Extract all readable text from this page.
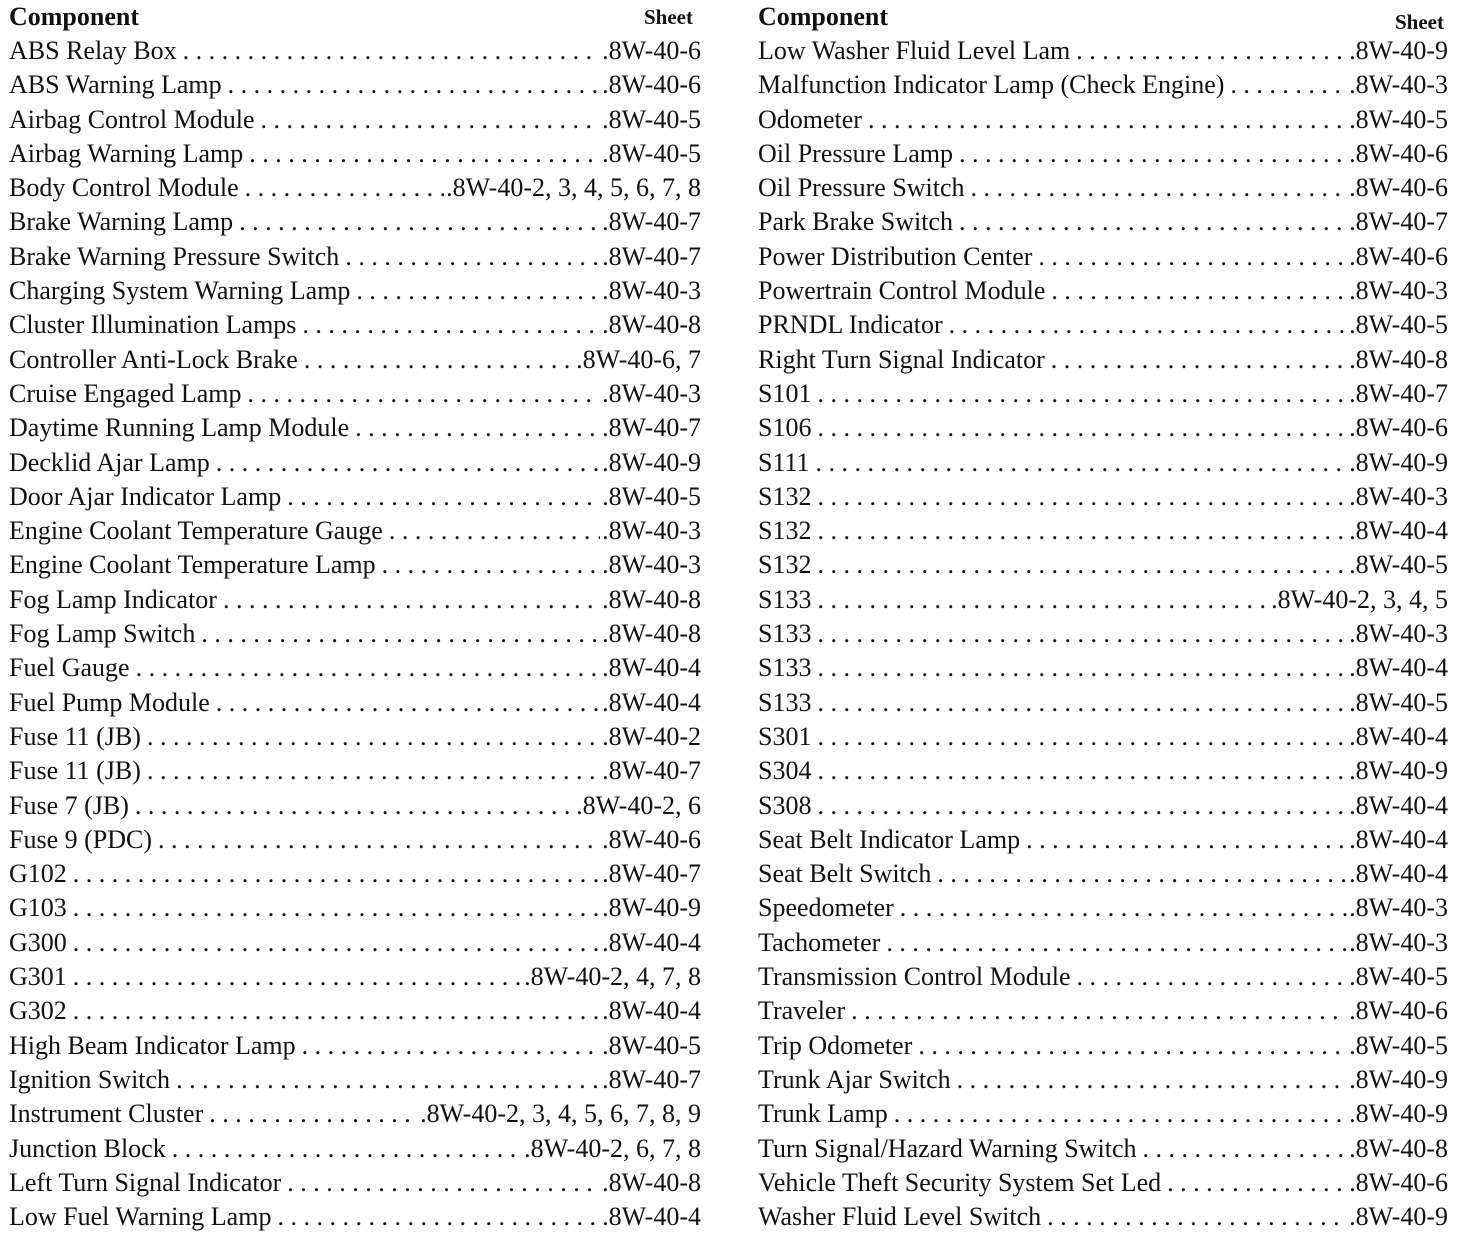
Component	Sheet
ABS Relay Box . . .	.8W-40-6
ABS Warning Lamp . . .	.8W-40-6
Airbag Control Module . . .	.8W-40-5
Airbag Warning Lamp . . .	.8W-40-5
Body Control Module . . .	.8W-40-2, 3, 4, 5, 6, 7, 8
Brake Warning Lamp . . .	.8W-40-7
Brake Warning Pressure Switch . . .	.8W-40-7
Charging System Warning Lamp . . .	.8W-40-3
Cluster Illumination Lamps . . .	.8W-40-8
Controller Anti-Lock Brake . . .	.8W-40-6, 7
Cruise Engaged Lamp . . .	.8W-40-3
Daytime Running Lamp Module . . .	.8W-40-7
Decklid Ajar Lamp . . .	.8W-40-9
Door Ajar Indicator Lamp . . .	.8W-40-5
Engine Coolant Temperature Gauge . . .	.8W-40-3
Engine Coolant Temperature Lamp . . .	.8W-40-3
Fog Lamp Indicator . . .	.8W-40-8
Fog Lamp Switch . . .	.8W-40-8
Fuel Gauge . . .	.8W-40-4
Fuel Pump Module . . .	.8W-40-4
Fuse 11 (JB) . . .	.8W-40-2
Fuse 11 (JB) . . .	.8W-40-7
Fuse 7 (JB) . . .	.8W-40-2, 6
Fuse 9 (PDC) . . .	.8W-40-6
G102 . . .	.8W-40-7
G103 . . .	.8W-40-9
G300 . . .	.8W-40-4
G301 . . .	.8W-40-2, 4, 7, 8
G302 . . .	.8W-40-4
High Beam Indicator Lamp . . .	.8W-40-5
Ignition Switch . . .	.8W-40-7
Instrument Cluster . . .	.8W-40-2, 3, 4, 5, 6, 7, 8, 9
Junction Block . . .	.8W-40-2, 6, 7, 8
Left Turn Signal Indicator . . .	.8W-40-8
Low Fuel Warning Lamp . . .	.8W-40-4
Component	Sheet
Low Washer Fluid Level Lam . . .	.8W-40-9
Malfunction Indicator Lamp (Check Engine) . . .	.8W-40-3
Odometer . . .	.8W-40-5
Oil Pressure Lamp . . .	.8W-40-6
Oil Pressure Switch . . .	.8W-40-6
Park Brake Switch . . .	.8W-40-7
Power Distribution Center . . .	.8W-40-6
Powertrain Control Module . . .	.8W-40-3
PRNDL Indicator . . .	.8W-40-5
Right Turn Signal Indicator . . .	.8W-40-8
S101 . . .	.8W-40-7
S106 . . .	.8W-40-6
S111 . . .	.8W-40-9
S132 . . .	.8W-40-3
S132 . . .	.8W-40-4
S132 . . .	.8W-40-5
S133 . . .	.8W-40-2, 3, 4, 5
S133 . . .	.8W-40-3
S133 . . .	.8W-40-4
S133 . . .	.8W-40-5
S301 . . .	.8W-40-4
S304 . . .	.8W-40-9
S308 . . .	.8W-40-4
Seat Belt Indicator Lamp . . .	.8W-40-4
Seat Belt Switch . . .	.8W-40-4
Speedometer . . .	.8W-40-3
Tachometer . . .	.8W-40-3
Transmission Control Module . . .	.8W-40-5
Traveler . . .	.8W-40-6
Trip Odometer . . .	.8W-40-5
Trunk Ajar Switch . . .	.8W-40-9
Trunk Lamp . . .	.8W-40-9
Turn Signal/Hazard Warning Switch . . .	.8W-40-8
Vehicle Theft Security System Set Led . . .	.8W-40-6
Washer Fluid Level Switch . . .	.8W-40-9
